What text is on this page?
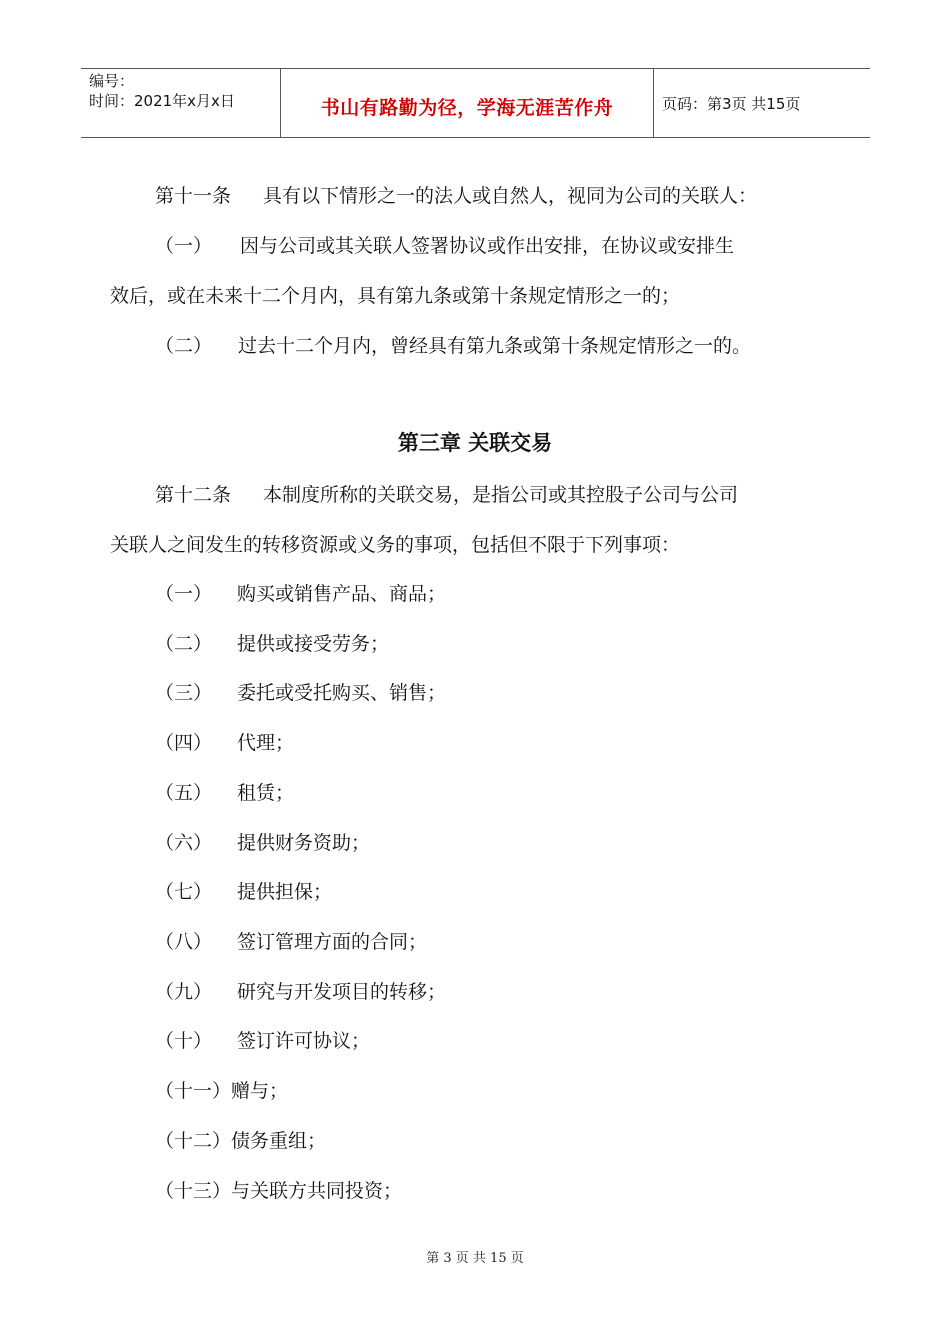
编号：
时间：2021年x月x日	书山有路勤为径，学海无涯苦作舟	页码：第3页 共15页
第十一条 具有以下情形之一的法人或自然人，视同为公司的关联人：
（一） 因与公司或其关联人签署协议或作出安排，在协议或安排生
效后，或在未来十二个月内，具有第九条或第十条规定情形之一的；
（二） 过去十二个月内，曾经具有第九条或第十条规定情形之一的。
第三章 关联交易
第十二条 本制度所称的关联交易，是指公司或其控股子公司与公司
关联人之间发生的转移资源或义务的事项，包括但不限于下列事项：
（一） 购买或销售产品、商品；
（二） 提供或接受劳务；
（三） 委托或受托购买、销售；
（四） 代理；
（五） 租赁；
（六） 提供财务资助；
（七） 提供担保；
（八） 签订管理方面的合同；
（九） 研究与开发项目的转移；
（十） 签订许可协议；
（十一）赠与；
（十二）债务重组；
（十三）与关联方共同投资；
第 3 页 共 15 页
